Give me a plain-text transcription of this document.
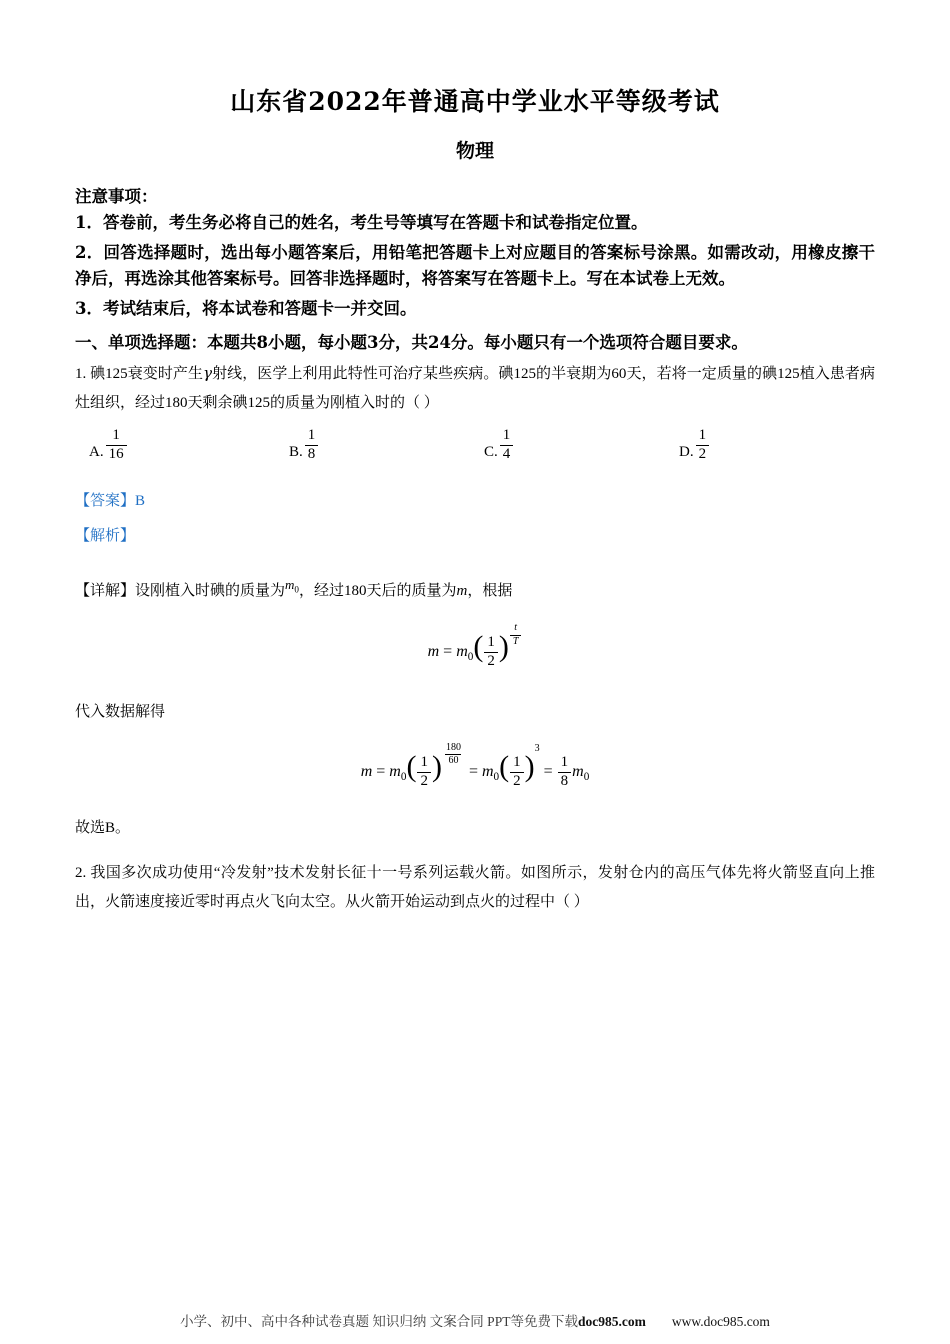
山东省2022年普通高中学业水平等级考试
物理
注意事项：
1．答卷前，考生务必将自己的姓名，考生号等填写在答题卡和试卷指定位置。
2．回答选择题时，选出每小题答案后，用铅笔把答题卡上对应题目的答案标号涂黑。如需改动，用橡皮擦干净后，再选涂其他答案标号。回答非选择题时，将答案写在答题卡上。写在本试卷上无效。
3．考试结束后，将本试卷和答题卡一并交回。
一、单项选择题：本题共8小题，每小题3分，共24分。每小题只有一个选项符合题目要求。
1. 碘125衰变时产生γ射线，医学上利用此特性可治疗某些疾病。碘125的半衰期为60天，若将一定质量的碘125植入患者病灶组织，经过180天剩余碘125的质量为刚植入时的（ ）
A. $\frac{1}{16}$	B. $\frac{1}{8}$	C. $\frac{1}{4}$	D. $\frac{1}{2}$
【答案】B
【解析】
【详解】设刚植入时碘的质量为$m_0$，经过180天后的质量为m，根据
$m = m_0( \frac{1}{2}$ ) $\frac{t}{T}$
代入数据解得
$m = m_0( \frac{1}{2}$ ) $\frac{180}{60}$
= $m_0( \frac{1}{2} )3 = \frac{1}{8} m_0$
故选B。
2. 我国多次成功使用“冷发射”技术发射长征十一号系列运载火箭。如图所示，发射仓内的高压气体先将火箭竖直向上推出，火箭速度接近零时再点火飞向太空。从火箭开始运动到点火的过程中（ ）
小学、初中、高中各种试卷真题 知识归纳 文案合同 PPT等免费下载doc985.com www.doc985.com
